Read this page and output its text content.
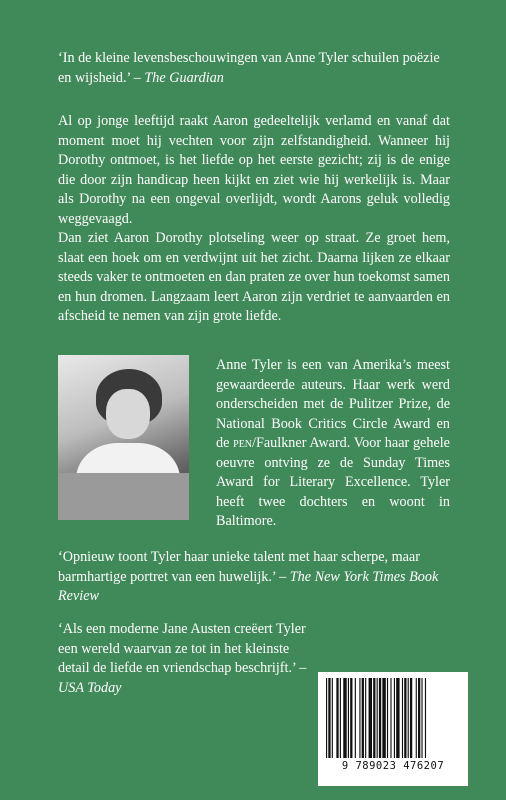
‘In de kleine levensbeschouwingen van Anne Tyler schuilen poëzie en wijsheid.’ – The Guardian

Al op jonge leeftijd raakt Aaron gedeeltelijk verlamd en vanaf dat moment moet hij vechten voor zijn zelfstandigheid. Wanneer hij Dorothy ontmoet, is het liefde op het eerste gezicht; zij is de enige die door zijn handicap heen kijkt en ziet wie hij werkelijk is. Maar als Dorothy na een ongeval overlijdt, wordt Aarons geluk volledig weggevaagd.

Dan ziet Aaron Dorothy plotseling weer op straat. Ze groet hem, slaat een hoek om en verdwijnt uit het zicht. Daarna lijken ze elkaar steeds vaker te ontmoeten en dan praten ze over hun toekomst samen en hun dromen. Langzaam leert Aaron zijn verdriet te aanvaarden en afscheid te nemen van zijn grote liefde.

Anne Tyler is een van Amerika’s meest gewaardeerde auteurs. Haar werk werd onderscheiden met de Pulitzer Prize, de National Book Critics Circle Award en de pen/Faulkner Award. Voor haar gehele oeuvre ontving ze de Sunday Times Award for Literary Excellence. Tyler heeft twee dochters en woont in Baltimore.
‘Opnieuw toont Tyler haar unieke talent met haar scherpe, maar barmhartige portret van een huwelijk.’ – The New York Times Book Review
‘Als een moderne Jane Austen creëert Tyler een wereld waarvan ze tot in het kleinste detail de liefde en vriendschap beschrijft.’ – USA Today
9 789023 476207
www.uitgeverijcargo.nl
